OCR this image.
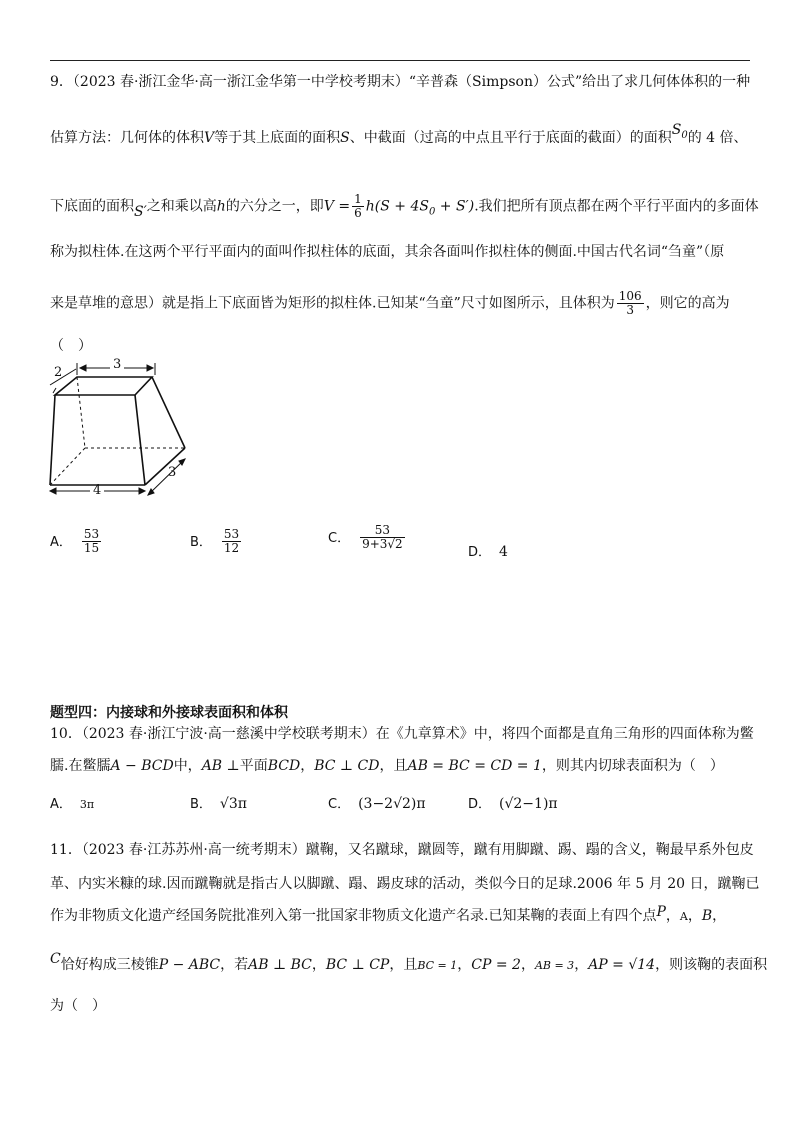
9．（2023 春·浙江金华·高一浙江金华第一中学校考期末）“辛普森（Simpson）公式”给出了求几何体体积的一种
估算方法：几何体的体积V等于其上底面的面积S、中截面（过高的中点且平行于底面的截面）的面积$S_0$的 4 倍、
下底面的面积S′之和乘以高h的六分之一，即$V = \frac{1}{6} h(S + 4S_0 + S')$.我们把所有顶点都在两个平行平面内的多面体
称为拟柱体.在这两个平行平面内的面叫作拟柱体的底面，其余各面叫作拟柱体的侧面.中国古代名词“刍童”（原
来是草堆的意思）就是指上下底面皆为矩形的拟柱体.已知某“刍童”尺寸如图所示，且体积为 $\frac{106}{3}$ ，则它的高为
（　）
3
2
4
3
A． $\frac{53}{15}$	B． $\frac{53}{12}$	C． $\frac{53}{9+3√2}$
D． 4
题型四：内接球和外接球表面积和体积
10．（2023 春·浙江宁波·高一慈溪中学校联考期末）在《九章算术》中，将四个面都是直角三角形的四面体称为鳖
臑.在鳖臑A − BCD中，AB ⊥平面BCD，BC ⊥ CD，且AB = BC = CD = 1，则其内切球表面积为（　）
A． 3π	B． √3π	C． (3−2√2)π	D． (√2−1)π
11．（2023 春·江苏苏州·高一统考期末）蹴鞠，又名蹴球，蹴圆等，蹴有用脚蹴、踢、蹋的含义，鞠最早系外包皮
革、内实米糠的球.因而蹴鞠就是指古人以脚蹴、蹋、踢皮球的活动，类似今日的足球.2006 年 5 月 20 日，蹴鞠已
作为非物质文化遗产经国务院批准列入第一批国家非物质文化遗产名录.已知某鞠的表面上有四个点P，A，B，
C恰好构成三棱锥P − ABC，若AB ⊥ BC，BC ⊥ CP，且BC = 1，CP = 2，AB = 3，AP = √14，则该鞠的表面积
为（　）
